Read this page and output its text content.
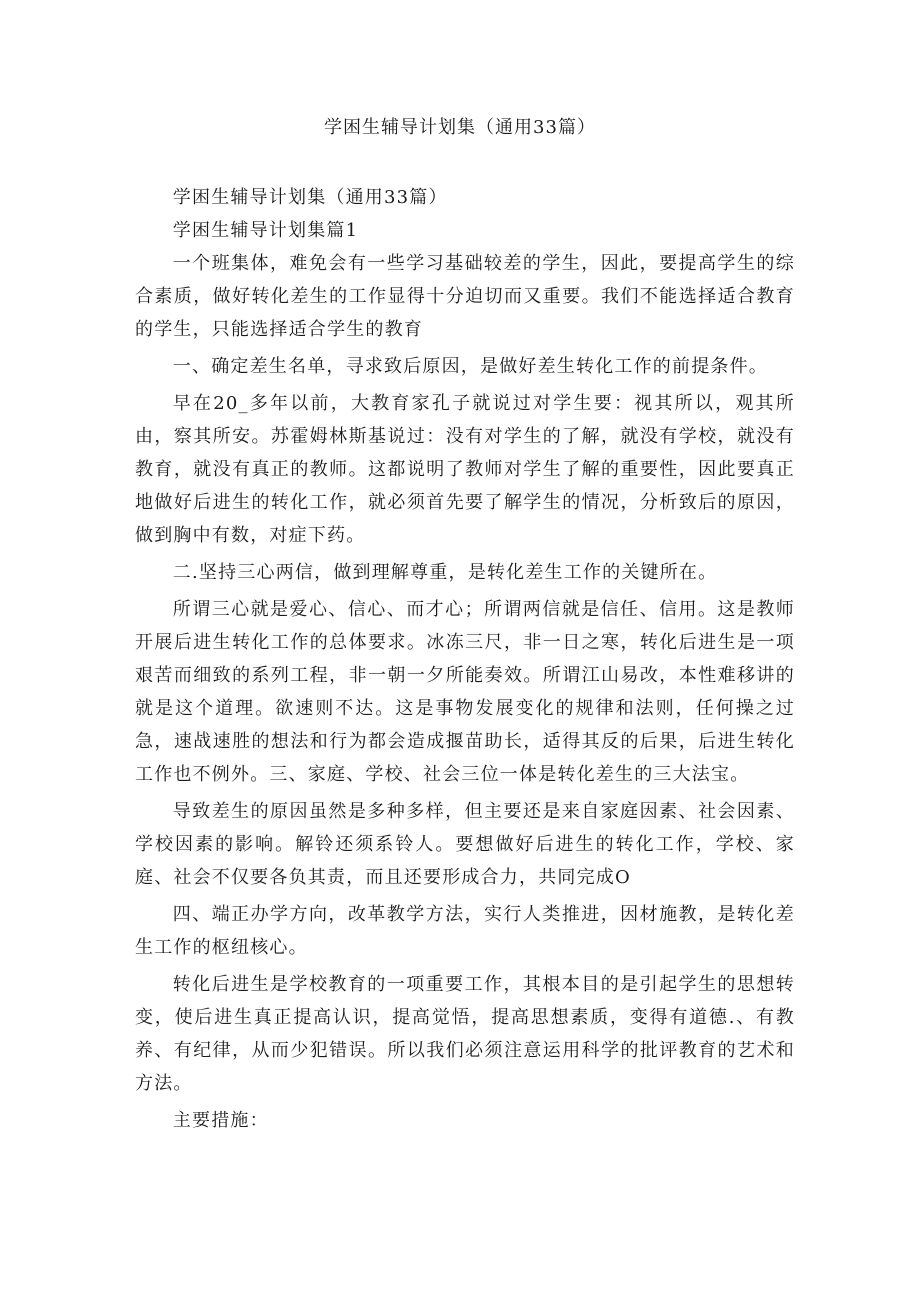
学困生辅导计划集（通用33篇）

学困生辅导计划集（通用33篇）

学困生辅导计划集篇1

一个班集体，难免会有一些学习基础较差的学生，因此，要提高学生的综合素质，做好转化差生的工作显得十分迫切而又重要。我们不能选择适合教育的学生，只能选择适合学生的教育

一、确定差生名单，寻求致后原因，是做好差生转化工作的前提条件。

早在20_多年以前，大教育家孔子就说过对学生要：视其所以，观其所由，察其所安。苏霍姆林斯基说过：没有对学生的了解，就没有学校，就没有教育，就没有真正的教师。这都说明了教师对学生了解的重要性，因此要真正地做好后进生的转化工作，就必须首先要了解学生的情况，分析致后的原因，做到胸中有数，对症下药。

二.坚持三心两信，做到理解尊重，是转化差生工作的关键所在。

所谓三心就是爱心、信心、而才心；所谓两信就是信任、信用。这是教师开展后进生转化工作的总体要求。冰冻三尺，非一日之寒，转化后进生是一项艰苦而细致的系列工程，非一朝一夕所能奏效。所谓江山易改，本性难移讲的就是这个道理。欲速则不达。这是事物发展变化的规律和法则，任何操之过急，速战速胜的想法和行为都会造成揠苗助长，适得其反的后果，后进生转化工作也不例外。三、家庭、学校、社会三位一体是转化差生的三大法宝。

导致差生的原因虽然是多种多样，但主要还是来自家庭因素、社会因素、学校因素的影响。解铃还须系铃人。要想做好后进生的转化工作，学校、家庭、社会不仅要各负其责，而且还要形成合力，共同完成O

四、端正办学方向，改革教学方法，实行人类推进，因材施教，是转化差生工作的枢纽核心。

转化后进生是学校教育的一项重要工作，其根本目的是引起学生的思想转变，使后进生真正提高认识，提高觉悟，提高思想素质，变得有道德.、有教养、有纪律，从而少犯错误。所以我们必须注意运用科学的批评教育的艺术和方法。

主要措施：
